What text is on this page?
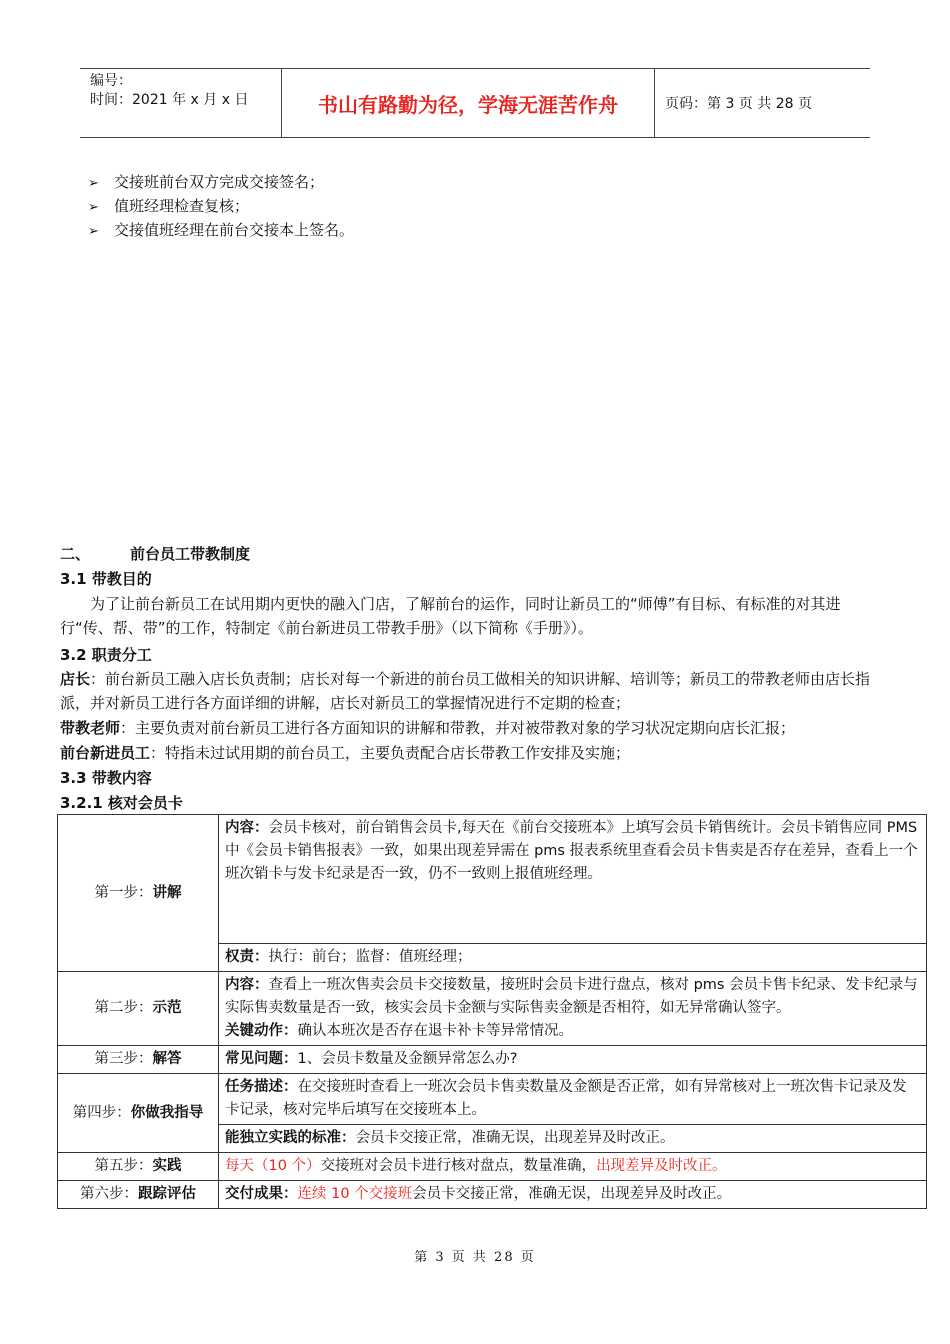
编号：
时间：2021 年 x 月 x 日	书山有路勤为径，学海无涯苦作舟	页码：第 3 页 共 28 页
➢ 交接班前台双方完成交接签名；
➢ 值班经理检查复核；
➢ 交接值班经理在前台交接本上签名。
二、	前台员工带教制度
3.1 带教目的
为了让前台新员工在试用期内更快的融入门店，了解前台的运作，同时让新员工的“师傅”有目标、有标准的对其进行“传、帮、带”的工作，特制定《前台新进员工带教手册》（以下简称《手册》）。
3.2 职责分工
店长：前台新员工融入店长负责制；店长对每一个新进的前台员工做相关的知识讲解、培训等；新员工的带教老师由店长指派，并对新员工进行各方面详细的讲解，店长对新员工的掌握情况进行不定期的检查；
带教老师：主要负责对前台新员工进行各方面知识的讲解和带教，并对被带教对象的学习状况定期向店长汇报；
前台新进员工：特指未过试用期的前台员工，主要负责配合店长带教工作安排及实施；
3.3 带教内容
3.2.1 核对会员卡
第一步：讲解	内容：会员卡核对，前台销售会员卡,每天在《前台交接班本》上填写会员卡销售统计。会员卡销售应同 PMS 中《会员卡销售报表》一致，如果出现差异需在 pms 报表系统里查看会员卡售卖是否存在差异，查看上一个班次销卡与发卡纪录是否一致，仍不一致则上报值班经理。
	权责：执行：前台；监督：值班经理；
第二步：示范	内容：查看上一班次售卖会员卡交接数量，接班时会员卡进行盘点，核对 pms 会员卡售卡纪录、发卡纪录与实际售卖数量是否一致，核实会员卡金额与实际售卖金额是否相符，如无异常确认签字。
关键动作：确认本班次是否存在退卡补卡等异常情况。
第三步：解答	常见问题：1、会员卡数量及金额异常怎么办?
第四步：你做我指导	任务描述：在交接班时查看上一班次会员卡售卖数量及金额是否正常，如有异常核对上一班次售卡记录及发卡记录，核对完毕后填写在交接班本上。
	能独立实践的标准：会员卡交接正常，准确无误，出现差异及时改正。
第五步：实践	每天（10 个）交接班对会员卡进行核对盘点，数量准确，出现差异及时改正。
第六步：跟踪评估	交付成果：连续 10 个交接班会员卡交接正常，准确无误，出现差异及时改正。
第 3 页 共 28 页
